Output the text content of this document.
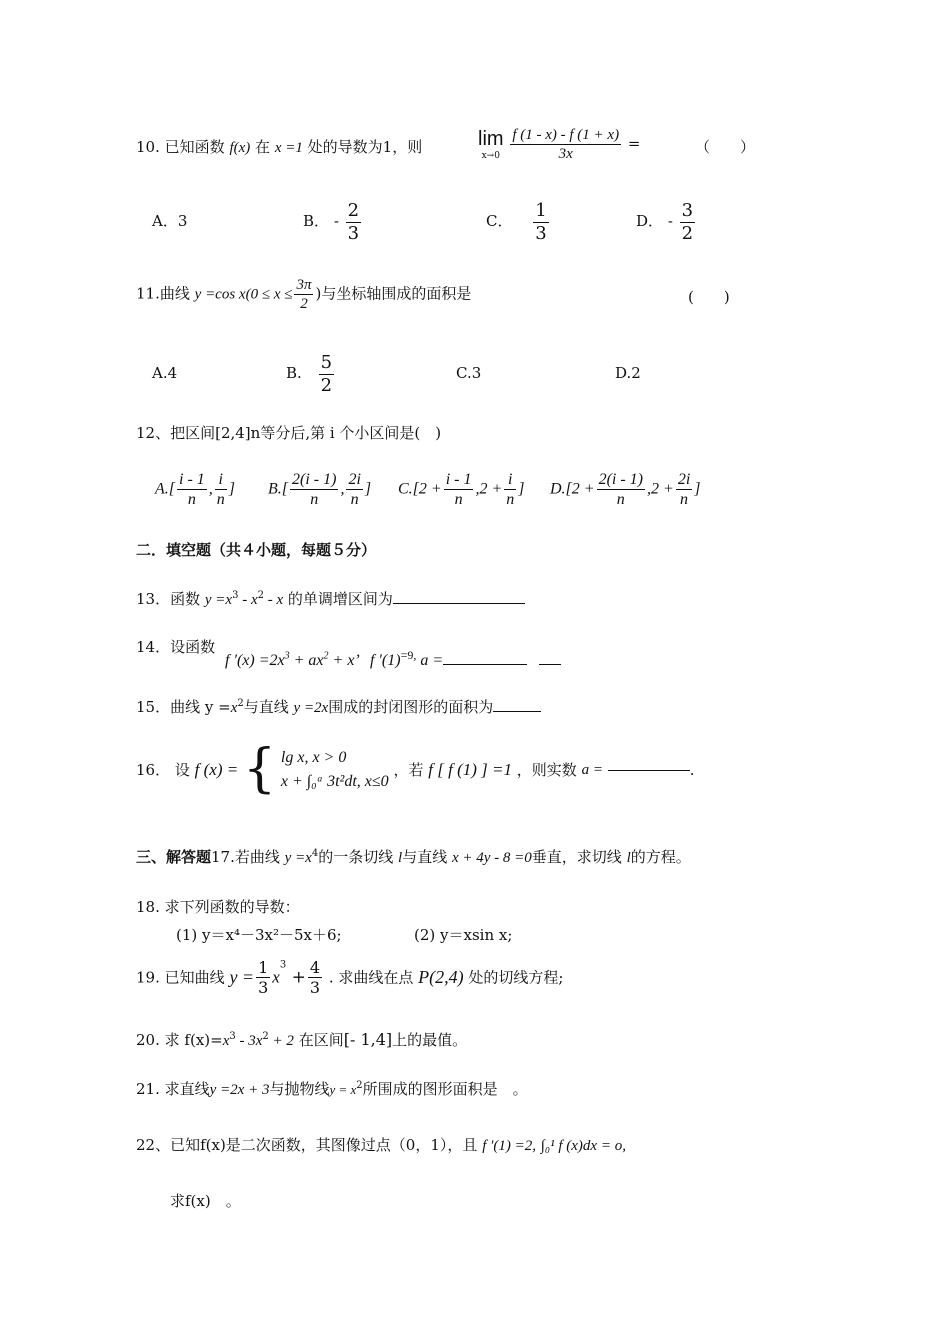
10. 已知函数 f(x) 在 x =1 处的导数为1，则	lim
x→0
$\frac{f (1 - x) - f (1 + x)}{3x}$ =	（　　）
A．3	B． - $\frac{2}{3}$	C． $\frac{1}{3}$	D． - $\frac{3}{2}$
11.曲线 y =cos $x(0 \le x \le \frac{3\pi}{2}$ )与坐标轴围成的面积是	(　　)
A.4	B. $\frac{5}{2}$	C.3	D.2
12、把区间[2,4]n等分后,第 i 个小区间是(　)
$A.[ \frac{i - 1}{n}$ , $\frac{i}{n}$ ] $B.[ \frac{2(i - 1)}{n}$ , $\frac{2i}{n}$ ] $C.[2 + \frac{i - 1}{n} ,2 + \frac{i}{n}$ ] $D.[2 + \frac{2(i - 1)}{n} ,2 + \frac{2i}{n}$ ]
二．填空题（共４小题，每题５分）
13．函数 $y =x^3 - x^2 - x$ 的单调增区间为
14．设函数
f $'(x) =2x^3 + ax^2 + x$’ f $'(1)^{=9,}$ a =
15．曲线 $y =x^2$与直线 y =2x围成的封闭图形的面积为
16． 设 f (x) = { lg x, x > 0
x + ∫₀ᵃ 3t²dt, x≤0
，若 f [ f (1) ] =1 ，则实数 a =	.
三、解答题17.若曲线 $y =x^4$的一条切线 l与直线 x + 4y - 8 =0垂直，求切线 l的方程。
18. 求下列函数的导数：
(1) y＝x⁴－3x²－5x＋6;	(2) y＝xsin x;
19. 已知曲线 $y = \frac{1}{3} x^3 + \frac{4}{3}$ . 求曲线在点 P(2,4) 处的切线方程;
20. 求 $f(x)=x^3 - 3x^2 + 2$ 在区间[- 1,4]上的最值。
21. 求直线y =2x + 3与抛物线$y = x^2$所围成的图形面积是　。
22、已知f(x)是二次函数，其图像过点（0，1），且 f ′(1) =2, ∫₀¹ f (x)dx = o,
求f(x)　。
